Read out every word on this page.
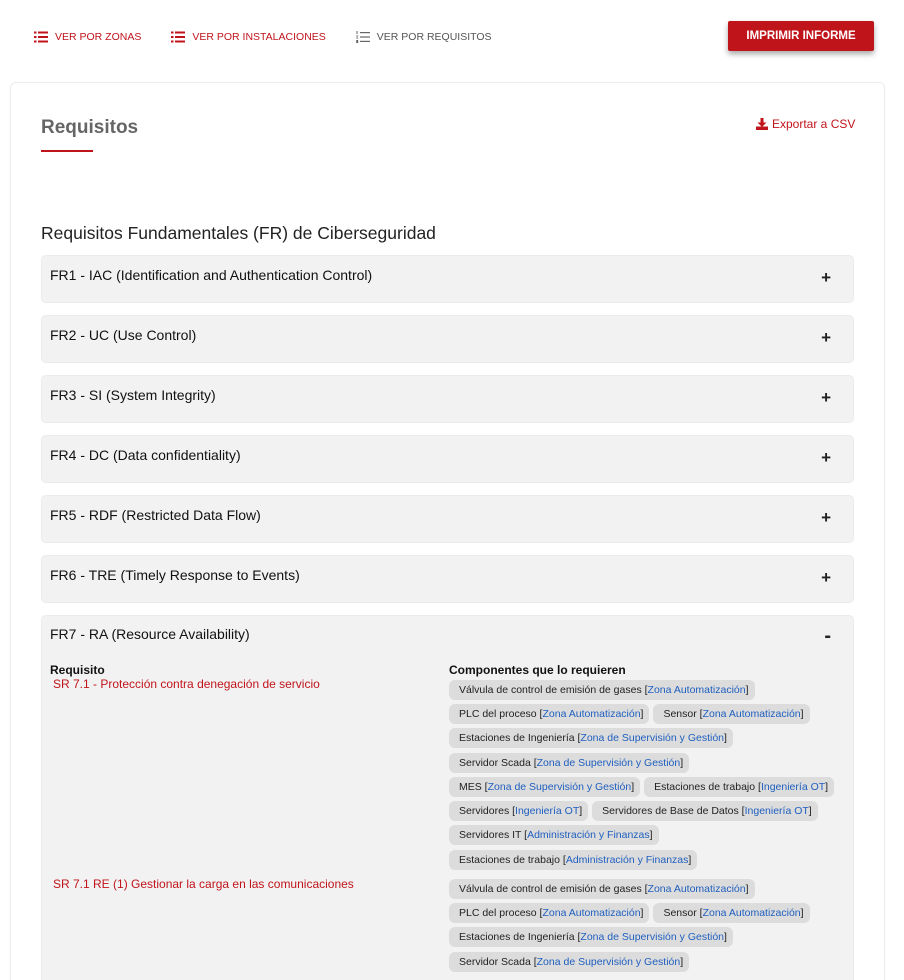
VER POR ZONAS	VER POR INSTALACIONES	VER POR REQUISITOS	IMPRIMIR INFORME
Requisitos	Exportar a CSV
Requisitos Fundamentales (FR) de Ciberseguridad
FR1 - IAC (Identification and Authentication Control)	+
FR2 - UC (Use Control)	+
FR3 - SI (System Integrity)	+
FR4 - DC (Data confidentiality)	+
FR5 - RDF (Restricted Data Flow)	+
FR6 - TRE (Timely Response to Events)	+
FR7 - RA (Resource Availability)	-
Requisito	Componentes que lo requieren
SR 7.1 - Protección contra denegación de servicio	Válvula de control de emisión de gases [Zona Automatización]
PLC del proceso [Zona Automatización]	Sensor [Zona Automatización]
Estaciones de Ingeniería [Zona de Supervisión y Gestión]
Servidor Scada [Zona de Supervisión y Gestión]
MES [Zona de Supervisión y Gestión]	Estaciones de trabajo [Ingeniería OT]
Servidores [Ingeniería OT]	Servidores de Base de Datos [Ingeniería OT]
Servidores IT [Administración y Finanzas]
Estaciones de trabajo [Administración y Finanzas]
SR 7.1 RE (1) Gestionar la carga en las comunicaciones	Válvula de control de emisión de gases [Zona Automatización]
PLC del proceso [Zona Automatización]	Sensor [Zona Automatización]
Estaciones de Ingeniería [Zona de Supervisión y Gestión]
Servidor Scada [Zona de Supervisión y Gestión]
